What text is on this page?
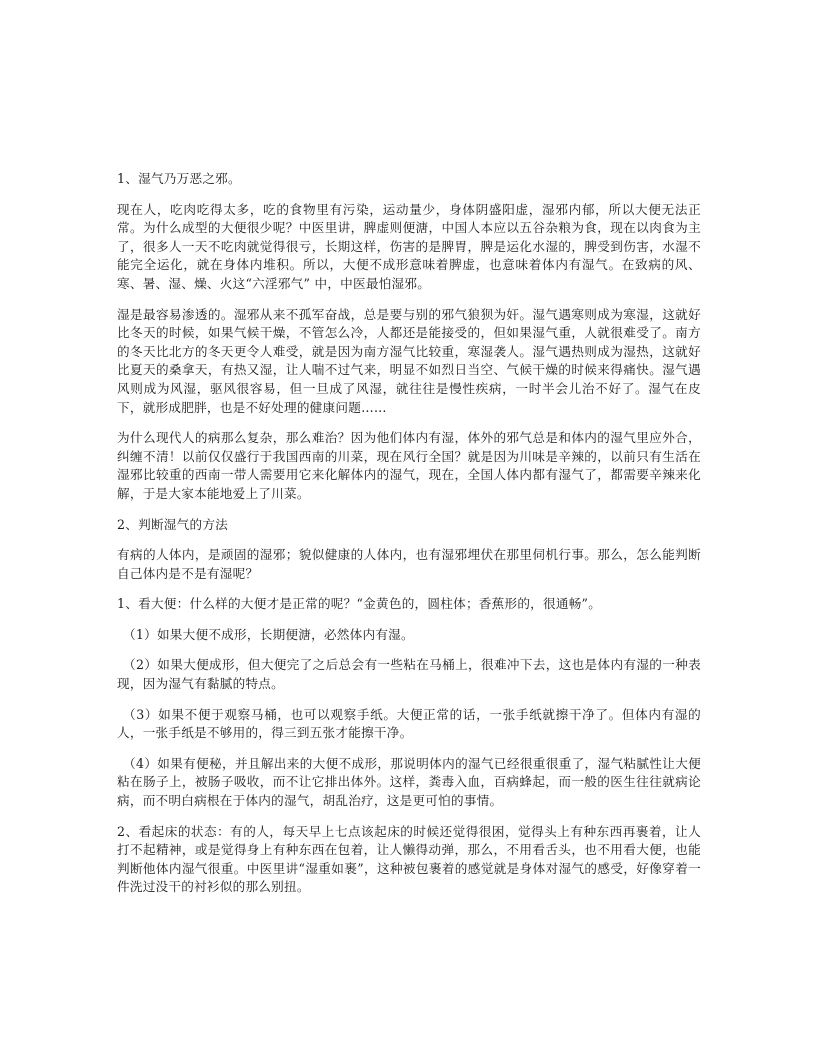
1、湿气乃万恶之邪。

现在人，吃肉吃得太多，吃的食物里有污染，运动量少，身体阴盛阳虚，湿邪内郁，所以大便无法正常。为什么成型的大便很少呢？中医里讲，脾虚则便溏，中国人本应以五谷杂粮为食，现在以肉食为主了，很多人一天不吃肉就觉得很亏，长期这样，伤害的是脾胃，脾是运化水湿的，脾受到伤害，水湿不能完全运化，就在身体内堆积。所以，大便不成形意味着脾虚，也意味着体内有湿气。在致病的风、寒、暑、湿、燥、火这“六淫邪气” 中，中医最怕湿邪。

湿是最容易渗透的。湿邪从来不孤军奋战，总是要与别的邪气狼狈为奸。湿气遇寒则成为寒湿，这就好比冬天的时候，如果气候干燥，不管怎么冷，人都还是能接受的，但如果湿气重，人就很难受了。南方的冬天比北方的冬天更令人难受，就是因为南方湿气比较重，寒湿袭人。湿气遇热则成为湿热，这就好比夏天的桑拿天，有热又湿，让人喘不过气来，明显不如烈日当空、气候干燥的时候来得痛快。湿气遇风则成为风湿，驱风很容易，但一旦成了风湿，就往往是慢性疾病，一时半会儿治不好了。湿气在皮下，就形成肥胖，也是不好处理的健康问题……

为什么现代人的病那么复杂，那么难治？因为他们体内有湿，体外的邪气总是和体内的湿气里应外合，纠缠不清！以前仅仅盛行于我国西南的川菜，现在风行全国？就是因为川味是辛辣的，以前只有生活在湿邪比较重的西南一带人需要用它来化解体内的湿气，现在，全国人体内都有湿气了，都需要辛辣来化解，于是大家本能地爱上了川菜。

2、判断湿气的方法

有病的人体内，是顽固的湿邪；貌似健康的人体内，也有湿邪埋伏在那里伺机行事。那么，怎么能判断自己体内是不是有湿呢？

1、看大便：什么样的大便才是正常的呢？“金黄色的，圆柱体；香蕉形的，很通畅”。

（1）如果大便不成形，长期便溏，必然体内有湿。

（2）如果大便成形，但大便完了之后总会有一些粘在马桶上，很难冲下去，这也是体内有湿的一种表现，因为湿气有黏腻的特点。

（3）如果不便于观察马桶，也可以观察手纸。大便正常的话，一张手纸就擦干净了。但体内有湿的人，一张手纸是不够用的，得三到五张才能擦干净。

（4）如果有便秘，并且解出来的大便不成形，那说明体内的湿气已经很重很重了，湿气粘腻性让大便粘在肠子上，被肠子吸收，而不让它排出体外。这样，粪毒入血，百病蜂起，而一般的医生往往就病论病，而不明白病根在于体内的湿气，胡乱治疗，这是更可怕的事情。

2、看起床的状态：有的人，每天早上七点该起床的时候还觉得很困，觉得头上有种东西再裹着，让人打不起精神，或是觉得身上有种东西在包着，让人懒得动弹，那么，不用看舌头，也不用看大便，也能判断他体内湿气很重。中医里讲“湿重如裹”，这种被包裹着的感觉就是身体对湿气的感受，好像穿着一件洗过没干的衬衫似的那么别扭。
